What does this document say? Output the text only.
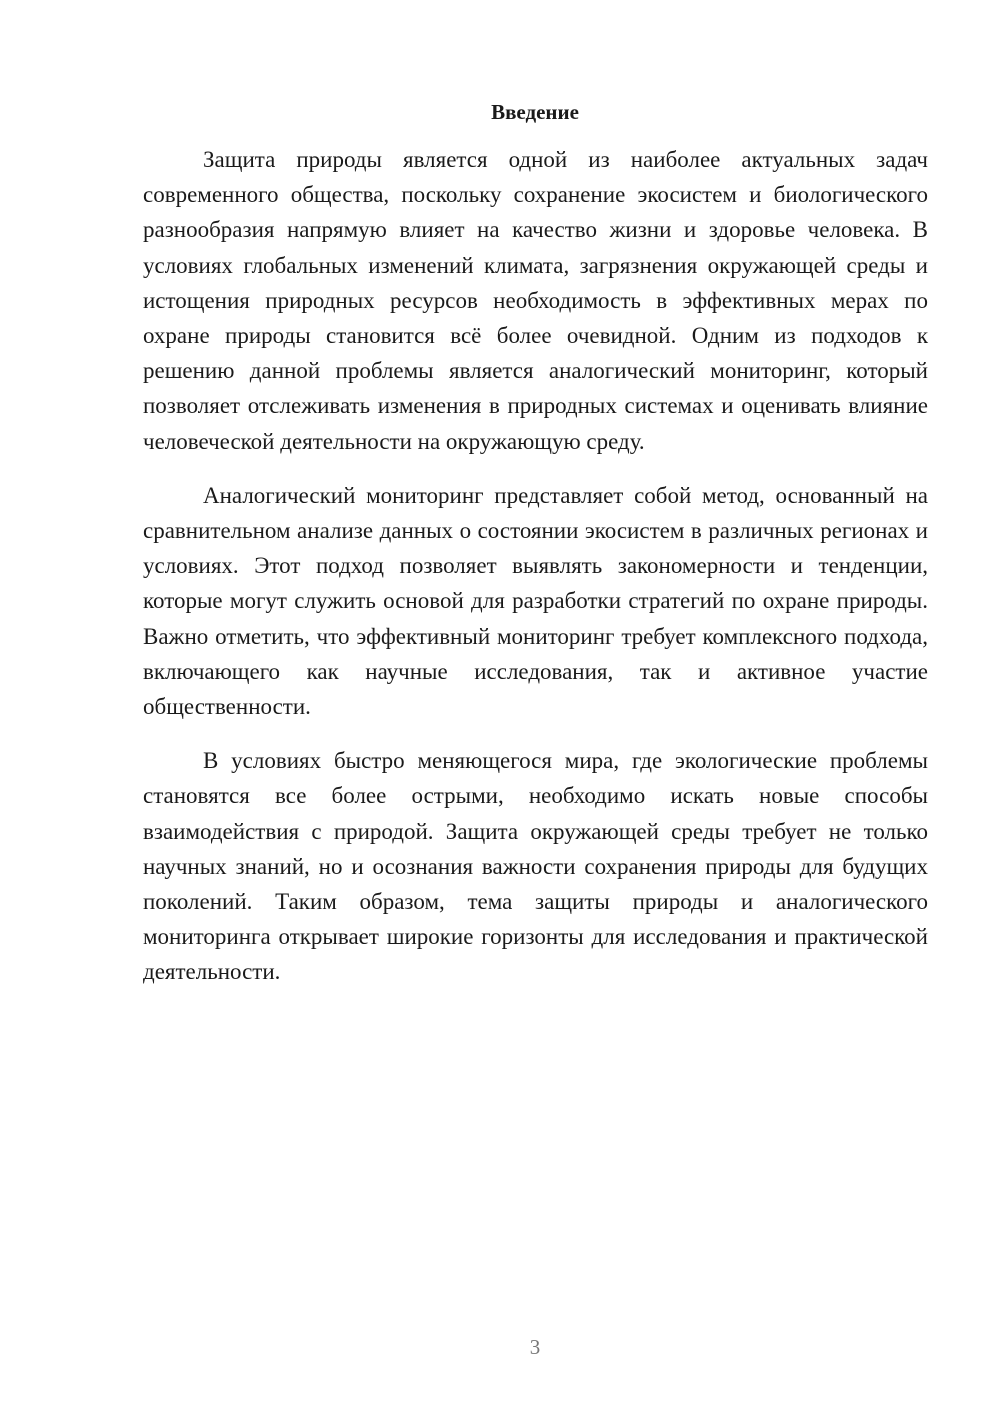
Введение

Защита природы является одной из наиболее актуальных задач современного общества, поскольку сохранение экосистем и биологического разнообразия напрямую влияет на качество жизни и здоровье человека. В условиях глобальных изменений климата, загрязнения окружающей среды и истощения природных ресурсов необходимость в эффективных мерах по охране природы становится всё более очевидной. Одним из подходов к решению данной проблемы является аналогический мониторинг, который позволяет отслеживать изменения в природных системах и оценивать влияние человеческой деятельности на окружающую среду.

Аналогический мониторинг представляет собой метод, основанный на сравнительном анализе данных о состоянии экосистем в различных регионах и условиях. Этот подход позволяет выявлять закономерности и тенденции, которые могут служить основой для разработки стратегий по охране природы. Важно отметить, что эффективный мониторинг требует комплексного подхода, включающего как научные исследования, так и активное участие общественности.

В условиях быстро меняющегося мира, где экологические проблемы становятся все более острыми, необходимо искать новые способы взаимодействия с природой. Защита окружающей среды требует не только научных знаний, но и осознания важности сохранения природы для будущих поколений. Таким образом, тема защиты природы и аналогического мониторинга открывает широкие горизонты для исследования и практической деятельности.

3
